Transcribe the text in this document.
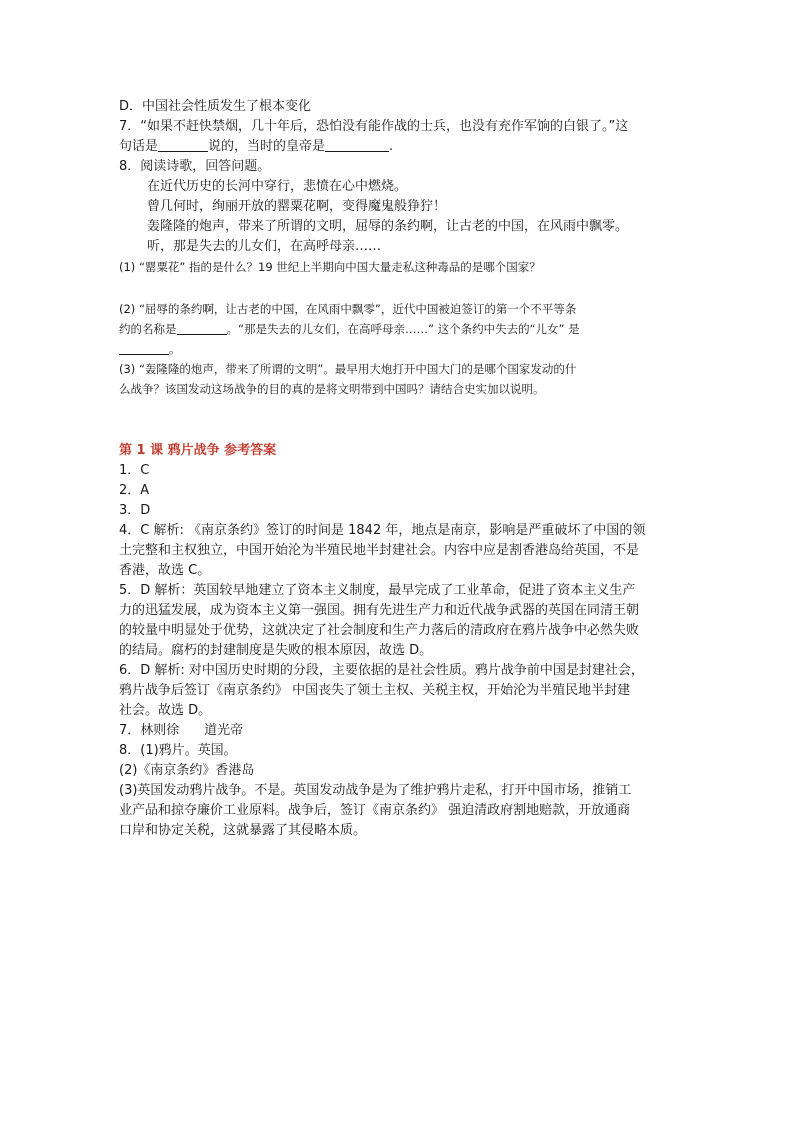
D．中国社会性质发生了根本变化
7．“如果不赶快禁烟，几十年后，恐怕没有能作战的士兵，也没有充作军饷的白银了。”这
句话是	说的，当时的皇帝是	.
8．阅读诗歌，回答问题。
在近代历史的长河中穿行，悲愤在心中燃烧。
曾几何时，绚丽开放的罂粟花啊，变得魔鬼般狰狞！
轰隆隆的炮声，带来了所谓的文明，屈辱的条约啊，让古老的中国，在风雨中飘零。
听，那是失去的儿女们，在高呼母亲……
(1) “罂粟花” 指的是什么？19 世纪上半期向中国大量走私这种毒品的是哪个国家？
(2) “屈辱的条约啊，让古老的中国，在风雨中飘零”，近代中国被迫签订的第一个不平等条
约的名称是	。“那是失去的儿女们，在高呼母亲……” 这个条约中失去的“儿女” 是
。
(3) “轰隆隆的炮声，带来了所谓的文明”。最早用大炮打开中国大门的是哪个国家发动的什
么战争？该国发动这场战争的目的真的是将文明带到中国吗？请结合史实加以说明。
第 1 课 鸦片战争 参考答案
1．C
2．A
3．D
4．C 解析: 《南京条约》签订的时间是 1842 年，地点是南京，影响是严重破坏了中国的领
土完整和主权独立，中国开始沦为半殖民地半封建社会。内容中应是割香港岛给英国，不是
香港，故选 C。
5．D 解析：英国较早地建立了资本主义制度，最早完成了工业革命，促进了资本主义生产
力的迅猛发展，成为资本主义第一强国。拥有先进生产力和近代战争武器的英国在同清王朝
的较量中明显处于优势，这就决定了社会制度和生产力落后的清政府在鸦片战争中必然失败
的结局。腐朽的封建制度是失败的根本原因，故选 D。
6．D 解析: 对中国历史时期的分段，主要依据的是社会性质。鸦片战争前中国是封建社会，
鸦片战争后签订《南京条约》 中国丧失了领土主权、关税主权，开始沦为半殖民地半封建
社会。故选 D。
7．林则徐      道光帝
8．(1)鸦片。英国。
(2)《南京条约》香港岛
(3)英国发动鸦片战争。不是。英国发动战争是为了维护鸦片走私，打开中国市场，推销工
业产品和掠夺廉价工业原料。战争后，签订《南京条约》 强迫清政府割地赔款，开放通商
口岸和协定关税，这就暴露了其侵略本质。
